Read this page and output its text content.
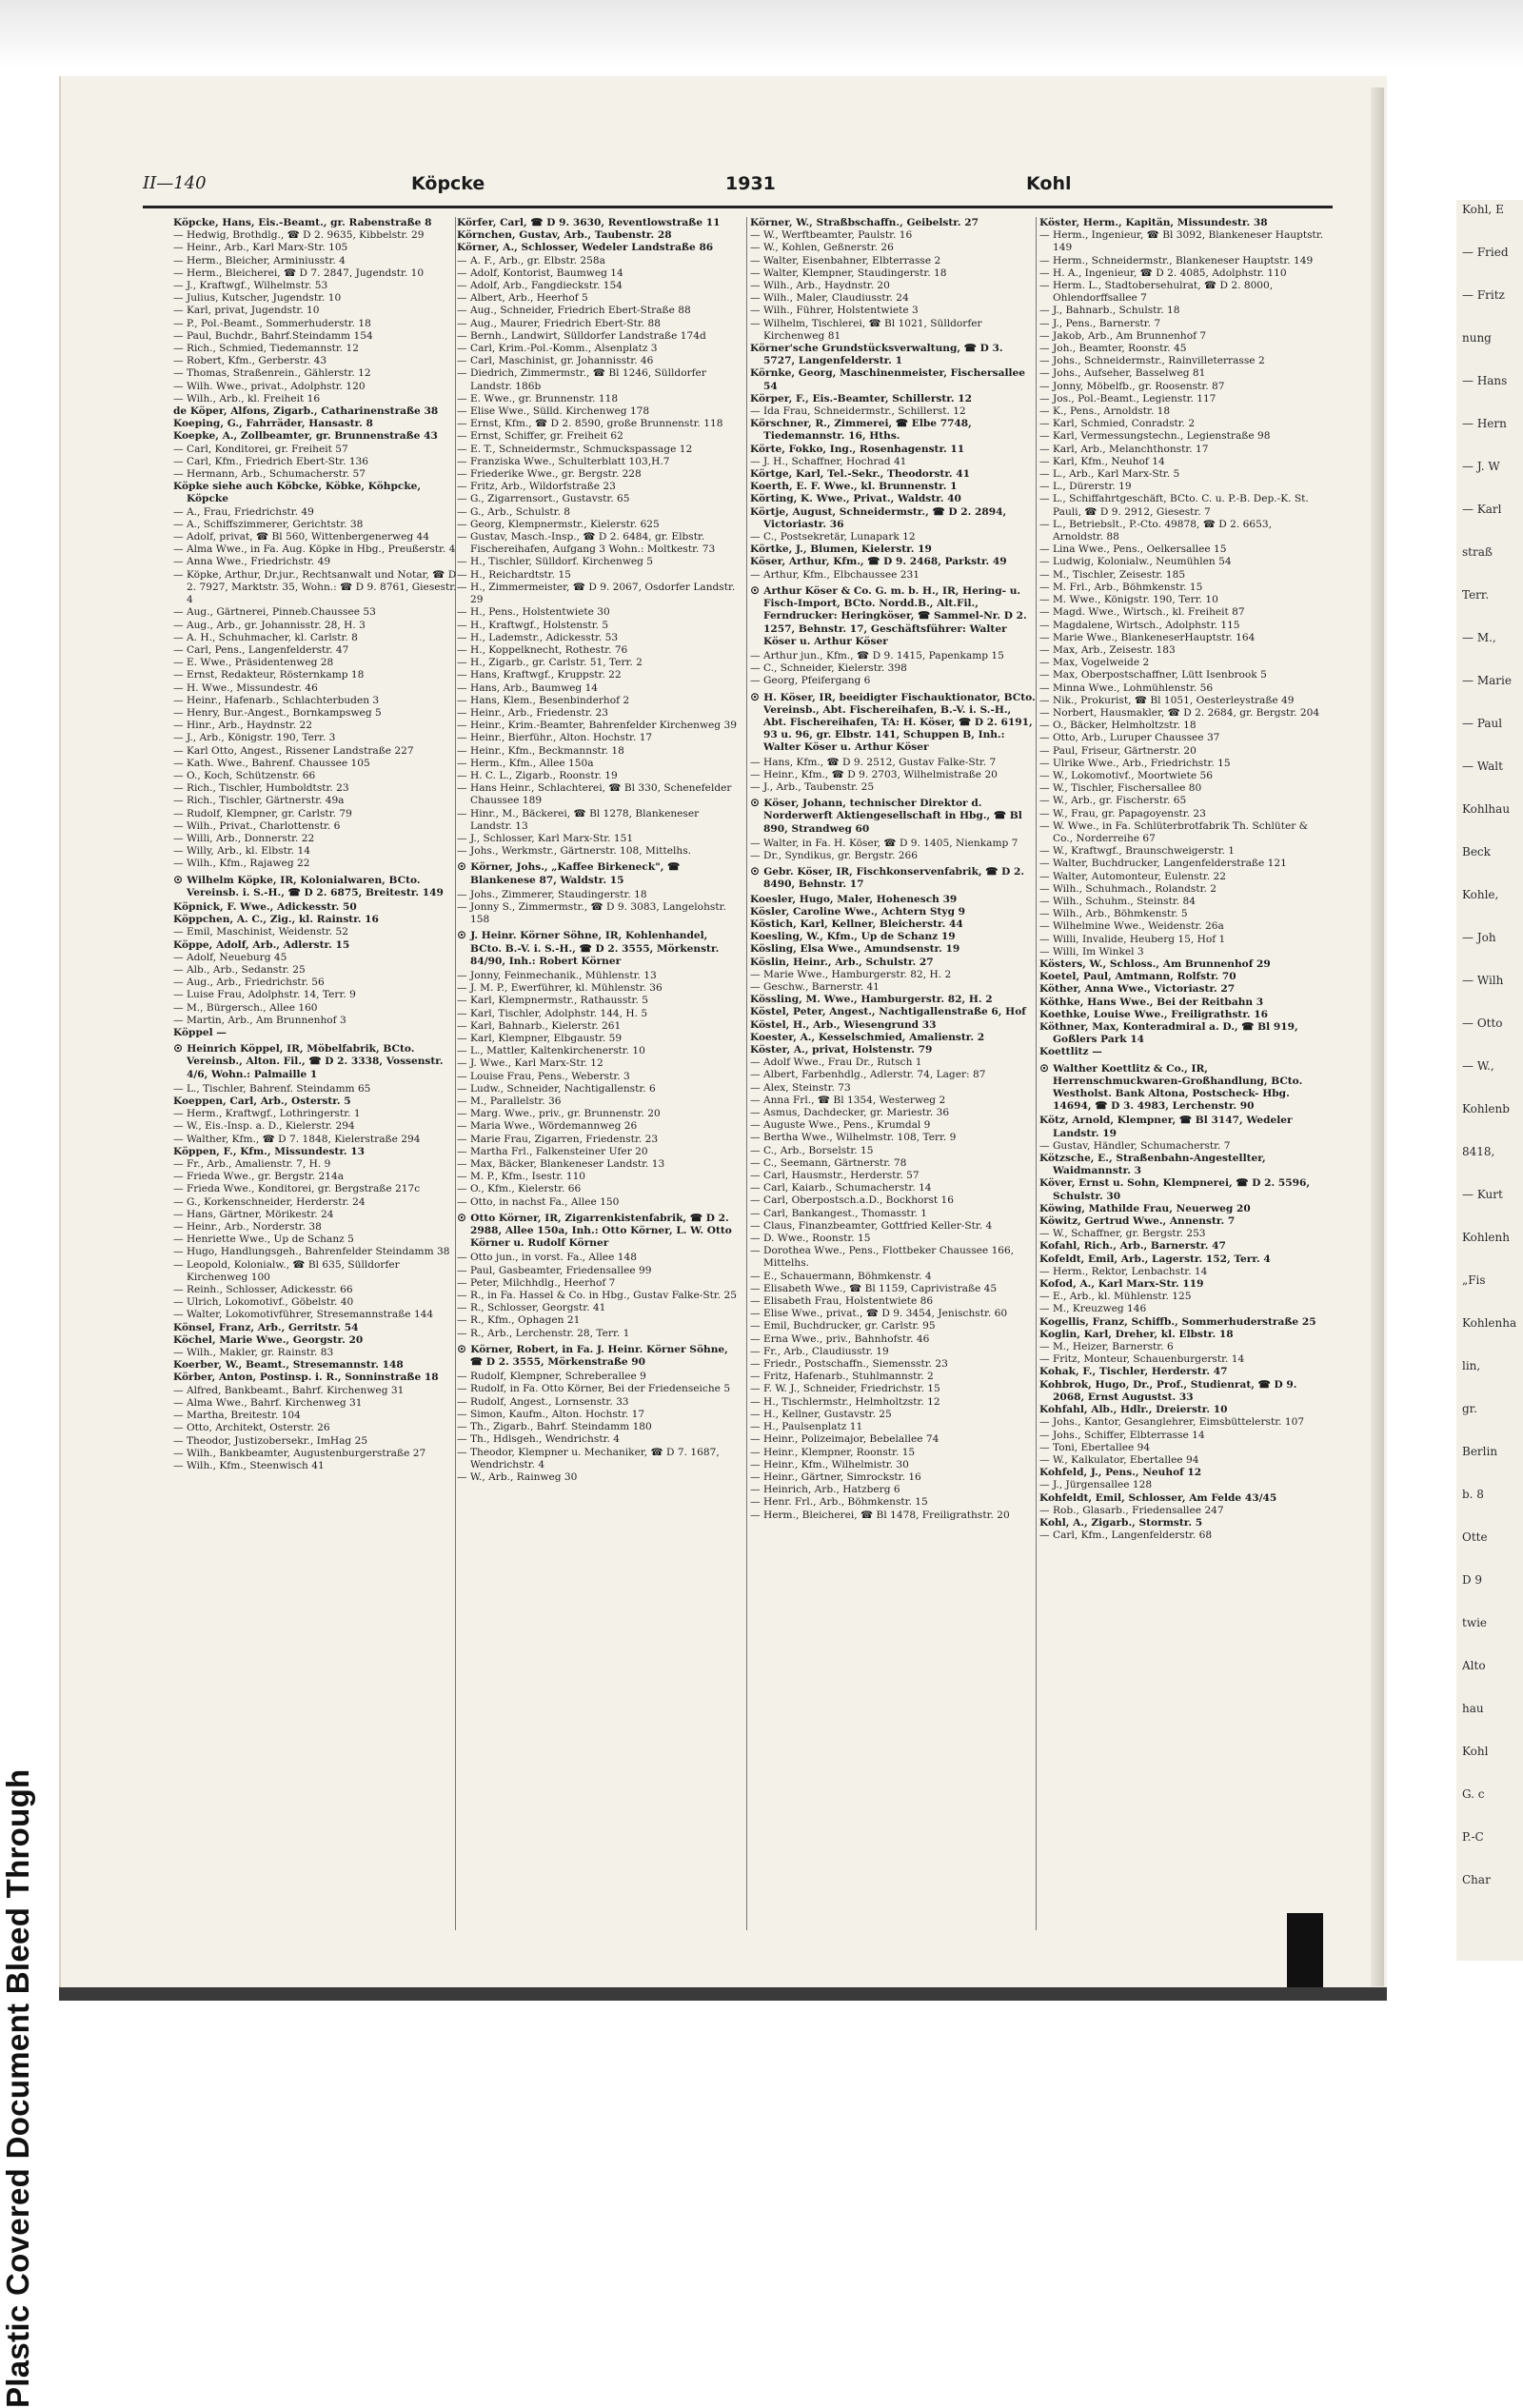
Plastic Covered Document Bleed Through
Kohl, E
— Fried
— Fritz
nung
— Hans
— Hern
— J. W
— Karl
straß
Terr.
— M.,
— Marie
— Paul
— Walt
Kohlhau
Beck
Kohle,
— Joh
— Wilh
— Otto
— W.,
Kohlenb
8418,
— Kurt
Kohlenh
„Fis
Kohlenha
lin,
gr.
Berlin
b. 8
Otte
D 9
twie
Alto
hau
Kohl
G. c
P.-C
Char
II—140	Köpcke	1931	Kohl
Köpcke, Hans, Eis.-Beamt., gr. Rabenstraße 8
— Hedwig, Brothdlg., ☎ D 2. 9635, Kibbelstr. 29
— Heinr., Arb., Karl Marx-Str. 105
— Herm., Bleicher, Arminiusstr. 4
— Herm., Bleicherei, ☎ D 7. 2847, Jugendstr. 10
— J., Kraftwgf., Wilhelmstr. 53
— Julius, Kutscher, Jugendstr. 10
— Karl, privat, Jugendstr. 10
— P., Pol.-Beamt., Sommerhuderstr. 18
— Paul, Buchdr., Bahrf.Steindamm 154
— Rich., Schmied, Tiedemannstr. 12
— Robert, Kfm., Gerberstr. 43
— Thomas, Straßenrein., Gählerstr. 12
— Wilh. Wwe., privat., Adolphstr. 120
— Wilh., Arb., kl. Freiheit 16
de Köper, Alfons, Zigarb., Catharinenstraße 38
Koeping, G., Fahrräder, Hansastr. 8
Koepke, A., Zollbeamter, gr. Brunnenstraße 43
— Carl, Konditorei, gr. Freiheit 57
— Carl, Kfm., Friedrich Ebert-Str. 136
— Hermann, Arb., Schumacherstr. 57
Köpke siehe auch Köbcke, Köbke, Köhpcke, Köpcke
— A., Frau, Friedrichstr. 49
— A., Schiffszimmerer, Gerichtstr. 38
— Adolf, privat, ☎ Bl 560, Wittenbergenerweg 44
— Alma Wwe., in Fa. Aug. Köpke in Hbg., Preußerstr. 4
— Anna Wwe., Friedrichstr. 49
— Köpke, Arthur, Dr.jur., Rechtsanwalt und Notar, ☎ D 2. 7927, Marktstr. 35, Wohn.: ☎ D 9. 8761, Giesestr. 4
— Aug., Gärtnerei, Pinneb.Chaussee 53
— Aug., Arb., gr. Johannisstr. 28, H. 3
— A. H., Schuhmacher, kl. Carlstr. 8
— Carl, Pens., Langenfelderstr. 47
— E. Wwe., Präsidentenweg 28
— Ernst, Redakteur, Rösternkamp 18
— H. Wwe., Missundestr. 46
— Heinr., Hafenarb., Schlachterbuden 3
— Henry, Bur.-Angest., Bornkampsweg 5
— Hinr., Arb., Haydnstr. 22
— J., Arb., Königstr. 190, Terr. 3
— Karl Otto, Angest., Rissener Landstraße 227
— Kath. Wwe., Bahrenf. Chaussee 105
— O., Koch, Schützenstr. 66
— Rich., Tischler, Humboldtstr. 23
— Rich., Tischler, Gärtnerstr. 49a
— Rudolf, Klempner, gr. Carlstr. 79
— Wilh., Privat., Charlottenstr. 6
— Willi, Arb., Donnerstr. 22
— Willy, Arb., kl. Elbstr. 14
— Wilh., Kfm., Rajaweg 22
⊙ Wilhelm Köpke, IR, Kolonialwaren, BCto. Vereinsb. i. S.-H., ☎ D 2. 6875, Breitestr. 149
Köpnick, F. Wwe., Adickesstr. 50
Köppchen, A. C., Zig., kl. Rainstr. 16
— Emil, Maschinist, Weidenstr. 52
Köppe, Adolf, Arb., Adlerstr. 15
— Adolf, Neueburg 45
— Alb., Arb., Sedanstr. 25
— Aug., Arb., Friedrichstr. 56
— Luise Frau, Adolphstr. 14, Terr. 9
— M., Bürgersch., Allee 160
— Martin, Arb., Am Brunnenhof 3
Köppel —
⊙ Heinrich Köppel, IR, Möbelfabrik, BCto. Vereinsb., Alton. Fil., ☎ D 2. 3338, Vossenstr. 4/6, Wohn.: Palmaille 1
— L., Tischler, Bahrenf. Steindamm 65
Koeppen, Carl, Arb., Osterstr. 5
— Herm., Kraftwgf., Lothringerstr. 1
— W., Eis.-Insp. a. D., Kielerstr. 294
— Walther, Kfm., ☎ D 7. 1848, Kielerstraße 294
Köppen, F., Kfm., Missundestr. 13
— Fr., Arb., Amalienstr. 7, H. 9
— Frieda Wwe., gr. Bergstr. 214a
— Frieda Wwe., Konditorei, gr. Bergstraße 217c
— G., Korkenschneider, Herderstr. 24
— Hans, Gärtner, Mörikestr. 24
— Heinr., Arb., Norderstr. 38
— Henriette Wwe., Up de Schanz 5
— Hugo, Handlungsgeh., Bahrenfelder Steindamm 38
— Leopold, Kolonialw., ☎ Bl 635, Sülldorfer Kirchenweg 100
— Reinh., Schlosser, Adickesstr. 66
— Ulrich, Lokomotivf., Göbelstr. 40
— Walter, Lokomotivführer, Stresemannstraße 144
Könsel, Franz, Arb., Gerritstr. 54
Köchel, Marie Wwe., Georgstr. 20
— Wilh., Makler, gr. Rainstr. 83
Koerber, W., Beamt., Stresemannstr. 148
Körber, Anton, Postinsp. i. R., Sonninstraße 18
— Alfred, Bankbeamt., Bahrf. Kirchenweg 31
— Alma Wwe., Bahrf. Kirchenweg 31
— Martha, Breitestr. 104
— Otto, Architekt, Osterstr. 26
— Theodor, Justizobersekr., ImHag 25
— Wilh., Bankbeamter, Augustenburgerstraße 27
— Wilh., Kfm., Steenwisch 41
Körfer, Carl, ☎ D 9. 3630, Reventlowstraße 11
Körnchen, Gustav, Arb., Taubenstr. 28
Körner, A., Schlosser, Wedeler Landstraße 86
— A. F., Arb., gr. Elbstr. 258a
— Adolf, Kontorist, Baumweg 14
— Adolf, Arb., Fangdieckstr. 154
— Albert, Arb., Heerhof 5
— Aug., Schneider, Friedrich Ebert-Straße 88
— Aug., Maurer, Friedrich Ebert-Str. 88
— Bernh., Landwirt, Sülldorfer Landstraße 174d
— Carl, Krim.-Pol.-Komm., Alsenplatz 3
— Carl, Maschinist, gr. Johannisstr. 46
— Diedrich, Zimmermstr., ☎ Bl 1246, Sülldorfer Landstr. 186b
— E. Wwe., gr. Brunnenstr. 118
— Elise Wwe., Sülld. Kirchenweg 178
— Ernst, Kfm., ☎ D 2. 8590, große Brunnenstr. 118
— Ernst, Schiffer, gr. Freiheit 62
— E. T., Schneidermstr., Schmuckspassage 12
— Franziska Wwe., Schulterblatt 103,H.7
— Friederike Wwe., gr. Bergstr. 228
— Fritz, Arb., Wildorfstraße 23
— G., Zigarrensort., Gustavstr. 65
— G., Arb., Schulstr. 8
— Georg, Klempnermstr., Kielerstr. 625
— Gustav, Masch.-Insp., ☎ D 2. 6484, gr. Elbstr. Fischereihafen, Aufgang 3 Wohn.: Moltkestr. 73
— H., Tischler, Sülldorf. Kirchenweg 5
— H., Reichardtstr. 15
— H., Zimmermeister, ☎ D 9. 2067, Osdorfer Landstr. 29
— H., Pens., Holstentwiete 30
— H., Kraftwgf., Holstenstr. 5
— H., Lademstr., Adickesstr. 53
— H., Koppelknecht, Rothestr. 76
— H., Zigarb., gr. Carlstr. 51, Terr. 2
— Hans, Kraftwgf., Kruppstr. 22
— Hans, Arb., Baumweg 14
— Hans, Klem., Besenbinderhof 2
— Heinr., Arb., Friedenstr. 23
— Heinr., Krim.-Beamter, Bahrenfelder Kirchenweg 39
— Heinr., Bierführ., Alton. Hochstr. 17
— Heinr., Kfm., Beckmannstr. 18
— Herm., Kfm., Allee 150a
— H. C. L., Zigarb., Roonstr. 19
— Hans Heinr., Schlachterei, ☎ Bl 330, Schenefelder Chaussee 189
— Hinr., M., Bäckerei, ☎ Bl 1278, Blankeneser Landstr. 13
— J., Schlosser, Karl Marx-Str. 151
— Johs., Werkmstr., Gärtnerstr. 108, Mittelhs.
⊙ Körner, Johs., „Kaffee Birkeneck", ☎ Blankenese 87, Waldstr. 15
— Johs., Zimmerer, Staudingerstr. 18
— Jonny S., Zimmermstr., ☎ D 9. 3083, Langelohstr. 158
⊙ J. Heinr. Körner Söhne, IR, Kohlenhandel, BCto. B.-V. i. S.-H., ☎ D 2. 3555, Mörkenstr. 84/90, Inh.: Robert Körner
— Jonny, Feinmechanik., Mühlenstr. 13
— J. M. P., Ewerführer, kl. Mühlenstr. 36
— Karl, Klempnermstr., Rathausstr. 5
— Karl, Tischler, Adolphstr. 144, H. 5
— Karl, Bahnarb., Kielerstr. 261
— Karl, Klempner, Elbgaustr. 59
— L., Mattler, Kaltenkirchenerstr. 10
— J. Wwe., Karl Marx-Str. 12
— Louise Frau, Pens., Weberstr. 3
— Ludw., Schneider, Nachtigallenstr. 6
— M., Parallelstr. 36
— Marg. Wwe., priv., gr. Brunnenstr. 20
— Maria Wwe., Wördemannweg 26
— Marie Frau, Zigarren, Friedenstr. 23
— Martha Frl., Falkensteiner Ufer 20
— Max, Bäcker, Blankeneser Landstr. 13
— M. P., Kfm., Isestr. 110
— O., Kfm., Kielerstr. 66
— Otto, in nachst Fa., Allee 150
⊙ Otto Körner, IR, Zigarrenkistenfabrik, ☎ D 2. 2988, Allee 150a, Inh.: Otto Körner, L. W. Otto Körner u. Rudolf Körner
— Otto jun., in vorst. Fa., Allee 148
— Paul, Gasbeamter, Friedensallee 99
— Peter, Milchhdlg., Heerhof 7
— R., in Fa. Hassel & Co. in Hbg., Gustav Falke-Str. 25
— R., Schlosser, Georgstr. 41
— R., Kfm., Ophagen 21
— R., Arb., Lerchenstr. 28, Terr. 1
⊙ Körner, Robert, in Fa. J. Heinr. Körner Söhne, ☎ D 2. 3555, Mörkenstraße 90
— Rudolf, Klempner, Schreberallee 9
— Rudolf, in Fa. Otto Körner, Bei der Friedenseiche 5
— Rudolf, Angest., Lornsenstr. 33
— Simon, Kaufm., Alton. Hochstr. 17
— Th., Zigarb., Bahrf. Steindamm 180
— Th., Hdlsgeh., Wendrichstr. 4
— Theodor, Klempner u. Mechaniker, ☎ D 7. 1687, Wendrichstr. 4
— W., Arb., Rainweg 30
Körner, W., Straßbschaffn., Geibelstr. 27
— W., Werftbeamter, Paulstr. 16
— W., Kohlen, Geßnerstr. 26
— Walter, Eisenbahner, Elbterrasse 2
— Walter, Klempner, Staudingerstr. 18
— Wilh., Arb., Haydnstr. 20
— Wilh., Maler, Claudiusstr. 24
— Wilh., Führer, Holstentwiete 3
— Wilhelm, Tischlerei, ☎ Bl 1021, Sülldorfer Kirchenweg 81
Körner'sche Grundstücksverwaltung, ☎ D 3. 5727, Langenfelderstr. 1
Körnke, Georg, Maschinenmeister, Fischersallee 54
Körper, F., Eis.-Beamter, Schillerstr. 12
— Ida Frau, Schneidermstr., Schillerst. 12
Körschner, R., Zimmerei, ☎ Elbe 7748, Tiedemannstr. 16, Hths.
Körte, Fokko, Ing., Rosenhagenstr. 11
— J. H., Schaffner, Hochrad 41
Körtge, Karl, Tel.-Sekr., Theodorstr. 41
Koerth, E. F. Wwe., kl. Brunnenstr. 1
Körting, K. Wwe., Privat., Waldstr. 40
Körtje, August, Schneidermstr., ☎ D 2. 2894, Victoriastr. 36
— C., Postsekretär, Lunapark 12
Körtke, J., Blumen, Kielerstr. 19
Köser, Arthur, Kfm., ☎ D 9. 2468, Parkstr. 49
— Arthur, Kfm., Elbchaussee 231
⊙ Arthur Köser & Co. G. m. b. H., IR, Hering- u. Fisch-Import, BCto. Nordd.B., Alt.Fil., Ferndrucker: Heringköser, ☎ Sammel-Nr. D 2. 1257, Behnstr. 17, Geschäftsführer: Walter Köser u. Arthur Köser
— Arthur jun., Kfm., ☎ D 9. 1415, Papenkamp 15
— C., Schneider, Kielerstr. 398
— Georg, Pfeifergang 6
⊙ H. Köser, IR, beeidigter Fischauktionator, BCto. Vereinsb., Abt. Fischereihafen, B.-V. i. S.-H., Abt. Fischereihafen, TA: H. Köser, ☎ D 2. 6191, 93 u. 96, gr. Elbstr. 141, Schuppen B, Inh.: Walter Köser u. Arthur Köser
— Hans, Kfm., ☎ D 9. 2512, Gustav Falke-Str. 7
— Heinr., Kfm., ☎ D 9. 2703, Wilhelmistraße 20
— J., Arb., Taubenstr. 25
⊙ Köser, Johann, technischer Direktor d. Norderwerft Aktiengesellschaft in Hbg., ☎ Bl 890, Strandweg 60
— Walter, in Fa. H. Köser, ☎ D 9. 1405, Nienkamp 7
— Dr., Syndikus, gr. Bergstr. 266
⊙ Gebr. Köser, IR, Fischkonservenfabrik, ☎ D 2. 8490, Behnstr. 17
Koesler, Hugo, Maler, Hohenesch 39
Kösler, Caroline Wwe., Achtern Styg 9
Köstich, Karl, Kellner, Bleicherstr. 44
Koesling, W., Kfm., Up de Schanz 19
Kösling, Elsa Wwe., Amundsenstr. 19
Köslin, Heinr., Arb., Schulstr. 27
— Marie Wwe., Hamburgerstr. 82, H. 2
— Geschw., Barnerstr. 41
Kössling, M. Wwe., Hamburgerstr. 82, H. 2
Köstel, Peter, Angest., Nachtigallenstraße 6, Hof
Köstel, H., Arb., Wiesengrund 33
Koester, A., Kesselschmied, Amalienstr. 2
Köster, A., privat, Holstenstr. 79
— Adolf Wwe., Frau Dr., Rutsch 1
— Albert, Farbenhdlg., Adlerstr. 74, Lager: 87
— Alex, Steinstr. 73
— Anna Frl., ☎ Bl 1354, Westerweg 2
— Asmus, Dachdecker, gr. Mariestr. 36
— Auguste Wwe., Pens., Krumdal 9
— Bertha Wwe., Wilhelmstr. 108, Terr. 9
— C., Arb., Borselstr. 15
— C., Seemann, Gärtnerstr. 78
— Carl, Hausmstr., Herderstr. 57
— Carl, Kaiarb., Schumacherstr. 14
— Carl, Oberpostsch.a.D., Bockhorst 16
— Carl, Bankangest., Thomasstr. 1
— Claus, Finanzbeamter, Gottfried Keller-Str. 4
— D. Wwe., Roonstr. 15
— Dorothea Wwe., Pens., Flottbeker Chaussee 166, Mittelhs.
— E., Schauermann, Böhmkenstr. 4
— Elisabeth Wwe., ☎ Bl 1159, Caprivistraße 45
— Elisabeth Frau, Holstentwiete 86
— Elise Wwe., privat., ☎ D 9. 3454, Jenischstr. 60
— Emil, Buchdrucker, gr. Carlstr. 95
— Erna Wwe., priv., Bahnhofstr. 46
— Fr., Arb., Claudiusstr. 19
— Friedr., Postschaffn., Siemensstr. 23
— Fritz, Hafenarb., Stuhlmannstr. 2
— F. W. J., Schneider, Friedrichstr. 15
— H., Tischlermstr., Helmholtzstr. 12
— H., Kellner, Gustavstr. 25
— H., Paulsenplatz 11
— Heinr., Polizeimajor, Bebelallee 74
— Heinr., Klempner, Roonstr. 15
— Heinr., Kfm., Wilhelmistr. 30
— Heinr., Gärtner, Simrockstr. 16
— Heinrich, Arb., Hatzberg 6
— Henr. Frl., Arb., Böhmkenstr. 15
— Herm., Bleicherei, ☎ Bl 1478, Freiligrathstr. 20
Köster, Herm., Kapitän, Missundestr. 38
— Herm., Ingenieur, ☎ Bl 3092, Blankeneser Hauptstr. 149
— Herm., Schneidermstr., Blankeneser Hauptstr. 149
— H. A., Ingenieur, ☎ D 2. 4085, Adolphstr. 110
— Herm. L., Stadtobersehulrat, ☎ D 2. 8000, Ohlendorffsallee 7
— J., Bahnarb., Schulstr. 18
— J., Pens., Barnerstr. 7
— Jakob, Arb., Am Brunnenhof 7
— Joh., Beamter, Roonstr. 45
— Johs., Schneidermstr., Rainvilleterrasse 2
— Johs., Aufseher, Basselweg 81
— Jonny, Möbelfb., gr. Roosenstr. 87
— Jos., Pol.-Beamt., Legienstr. 117
— K., Pens., Arnoldstr. 18
— Karl, Schmied, Conradstr. 2
— Karl, Vermessungstechn., Legienstraße 98
— Karl, Arb., Melanchthonstr. 17
— Karl, Kfm., Neuhof 14
— L., Arb., Karl Marx-Str. 5
— L., Dürerstr. 19
— L., Schiffahrtgeschäft, BCto. C. u. P.-B. Dep.-K. St. Pauli, ☎ D 9. 2912, Giesestr. 7
— L., Betriebslt., P.-Cto. 49878, ☎ D 2. 6653, Arnoldstr. 88
— Lina Wwe., Pens., Oelkersallee 15
— Ludwig, Kolonialw., Neumühlen 54
— M., Tischler, Zeisestr. 185
— M. Frl., Arb., Böhmkenstr. 15
— M. Wwe., Königstr. 190, Terr. 10
— Magd. Wwe., Wirtsch., kl. Freiheit 87
— Magdalene, Wirtsch., Adolphstr. 115
— Marie Wwe., BlankeneserHauptstr. 164
— Max, Arb., Zeisestr. 183
— Max, Vogelweide 2
— Max, Oberpostschaffner, Lütt Isenbrook 5
— Minna Wwe., Lohmühlenstr. 56
— Nik., Prokurist, ☎ Bl 1051, Oesterleystraße 49
— Norbert, Hausmakler, ☎ D 2. 2684, gr. Bergstr. 204
— O., Bäcker, Helmholtzstr. 18
— Otto, Arb., Luruper Chaussee 37
— Paul, Friseur, Gärtnerstr. 20
— Ulrike Wwe., Arb., Friedrichstr. 15
— W., Lokomotivf., Moortwiete 56
— W., Tischler, Fischersallee 80
— W., Arb., gr. Fischerstr. 65
— W., Frau, gr. Papagoyenstr. 23
— W. Wwe., in Fa. Schlüterbrotfabrik Th. Schlüter & Co., Norderreihe 67
— W., Kraftwgf., Braunschweigerstr. 1
— Walter, Buchdrucker, Langenfelderstraße 121
— Walter, Automonteur, Eulenstr. 22
— Wilh., Schuhmach., Rolandstr. 2
— Wilh., Schuhm., Steinstr. 84
— Wilh., Arb., Böhmkenstr. 5
— Wilhelmine Wwe., Weidenstr. 26a
— Willi, Invalide, Heuberg 15, Hof 1
— Willi, Im Winkel 3
Kösters, W., Schloss., Am Brunnenhof 29
Koetel, Paul, Amtmann, Rolfstr. 70
Köther, Anna Wwe., Victoriastr. 27
Köthke, Hans Wwe., Bei der Reitbahn 3
Koethke, Louise Wwe., Freiligrathstr. 16
Köthner, Max, Konteradmiral a. D., ☎ Bl 919, Goßlers Park 14
Koettlitz —
⊙ Walther Koettlitz & Co., IR, Herrenschmuckwaren-Großhandlung, BCto. Westholst. Bank Altona, Postscheck- Hbg. 14694, ☎ D 3. 4983, Lerchenstr. 90
Kötz, Arnold, Klempner, ☎ Bl 3147, Wedeler Landstr. 19
— Gustav, Händler, Schumacherstr. 7
Kötzsche, E., Straßenbahn-Angestellter, Waidmannstr. 3
Köver, Ernst u. Sohn, Klempnerei, ☎ D 2. 5596, Schulstr. 30
Köwing, Mathilde Frau, Neuerweg 20
Köwitz, Gertrud Wwe., Annenstr. 7
— W., Schaffner, gr. Bergstr. 253
Kofahl, Rich., Arb., Barnerstr. 47
Kofeldt, Emil, Arb., Lagerstr. 152, Terr. 4
— Herm., Rektor, Lenbachstr. 14
Kofod, A., Karl Marx-Str. 119
— E., Arb., kl. Mühlenstr. 125
— M., Kreuzweg 146
Kogellis, Franz, Schiffb., Sommerhuderstraße 25
Koglin, Karl, Dreher, kl. Elbstr. 18
— M., Heizer, Barnerstr. 6
— Fritz, Monteur, Schauenburgerstr. 14
Kohak, F., Tischler, Herderstr. 47
Kohbrok, Hugo, Dr., Prof., Studienrat, ☎ D 9. 2068, Ernst Augustst. 33
Kohfahl, Alb., Hdlr., Dreierstr. 10
— Johs., Kantor, Gesanglehrer, Eimsbüttelerstr. 107
— Johs., Schiffer, Elbterrasse 14
— Toni, Ebertallee 94
— W., Kalkulator, Ebertallee 94
Kohfeld, J., Pens., Neuhof 12
— J., Jürgensallee 128
Kohfeldt, Emil, Schlosser, Am Felde 43/45
— Rob., Glasarb., Friedensallee 247
Kohl, A., Zigarb., Stormstr. 5
— Carl, Kfm., Langenfelderstr. 68
